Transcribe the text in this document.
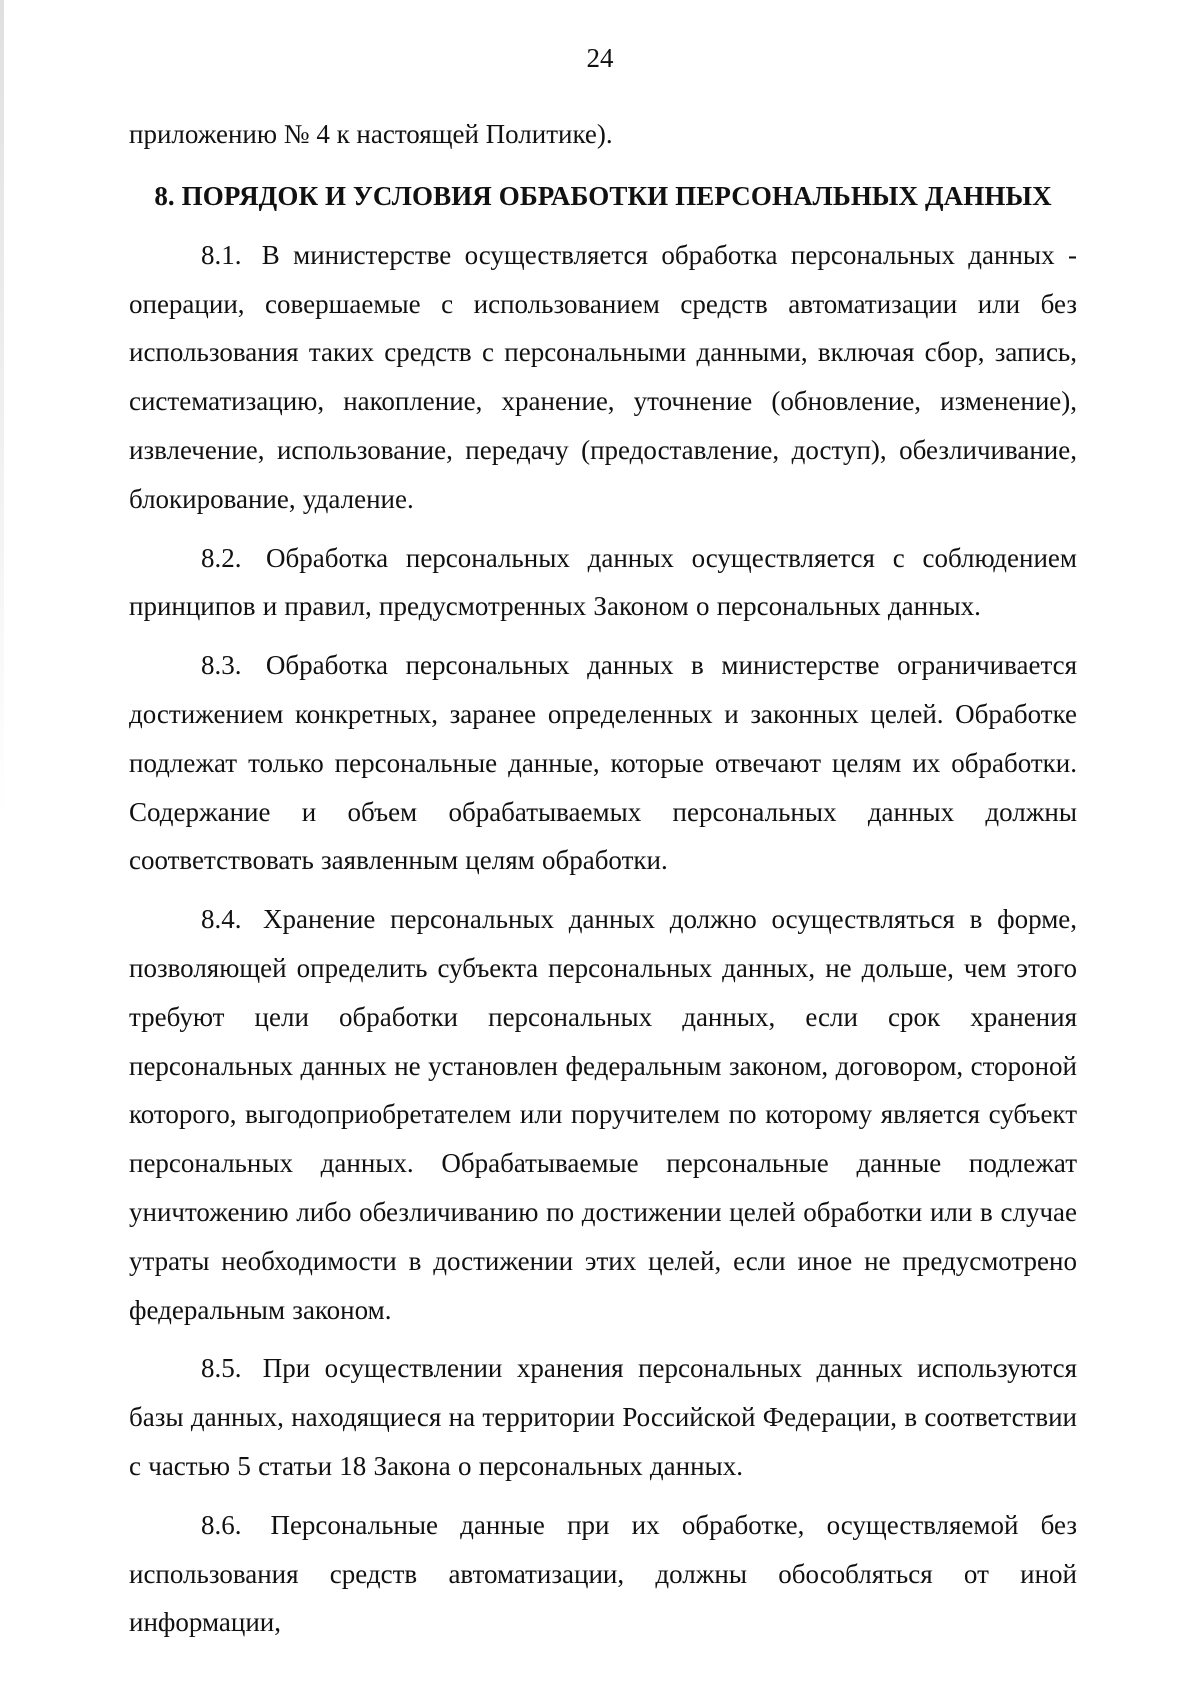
24

приложению № 4 к настоящей Политике).

8. ПОРЯДОК И УСЛОВИЯ ОБРАБОТКИ ПЕРСОНАЛЬНЫХ ДАННЫХ

8.1. В министерстве осуществляется обработка персональных данных - операции, совершаемые с использованием средств автоматизации или без использования таких средств с персональными данными, включая сбор, запись, систематизацию, накопление, хранение, уточнение (обновление, изменение), извлечение, использование, передачу (предоставление, доступ), обезличивание, блокирование, удаление.

8.2. Обработка персональных данных осуществляется с соблюдением принципов и правил, предусмотренных Законом о персональных данных.

8.3. Обработка персональных данных в министерстве ограничивается достижением конкретных, заранее определенных и законных целей. Обработке подлежат только персональные данные, которые отвечают целям их обработки. Содержание и объем обрабатываемых персональных данных должны соответствовать заявленным целям обработки.

8.4. Хранение персональных данных должно осуществляться в форме, позволяющей определить субъекта персональных данных, не дольше, чем этого требуют цели обработки персональных данных, если срок хранения персональных данных не установлен федеральным законом, договором, стороной которого, выгодоприобретателем или поручителем по которому является субъект персональных данных. Обрабатываемые персональные данные подлежат уничтожению либо обезличиванию по достижении целей обработки или в случае утраты необходимости в достижении этих целей, если иное не предусмотрено федеральным законом.

8.5. При осуществлении хранения персональных данных используются базы данных, находящиеся на территории Российской Федерации, в соответствии с частью 5 статьи 18 Закона о персональных данных.

8.6. Персональные данные при их обработке, осуществляемой без использования средств автоматизации, должны обособляться от иной информации,
